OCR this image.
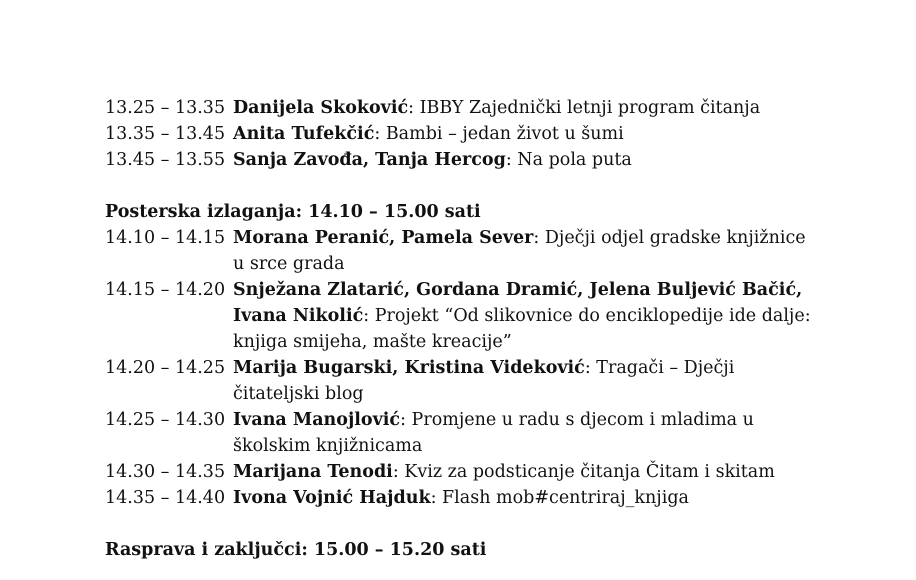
13.25 – 13.35 Danijela Skoković: IBBY Zajednički letnji program čitanja
13.35 – 13.45 Anita Tufekčić: Bambi – jedan život u šumi
13.45 – 13.55 Sanja Zavođa, Tanja Hercog: Na pola puta
Posterska izlaganja: 14.10 – 15.00 sati
14.10 – 14.15 Morana Peranić, Pamela Sever: Dječji odjel gradske knjižnice
u srce grada
14.15 – 14.20 Snježana Zlatarić, Gordana Dramić, Jelena Buljević Bačić,
Ivana Nikolić: Projekt “Od slikovnice do enciklopedije ide dalje:
knjiga smijeha, mašte kreacije”
14.20 – 14.25 Marija Bugarski, Kristina Videković: Tragači – Dječji
čitateljski blog
14.25 – 14.30 Ivana Manojlović: Promjene u radu s djecom i mladima u
školskim knjižnicama
14.30 – 14.35 Marijana Tenodi: Kviz za podsticanje čitanja Čitam i skitam
14.35 – 14.40 Ivona Vojnić Hajduk: Flash mob#centriraj_knjiga
Rasprava i zaključci: 15.00 – 15.20 sati
